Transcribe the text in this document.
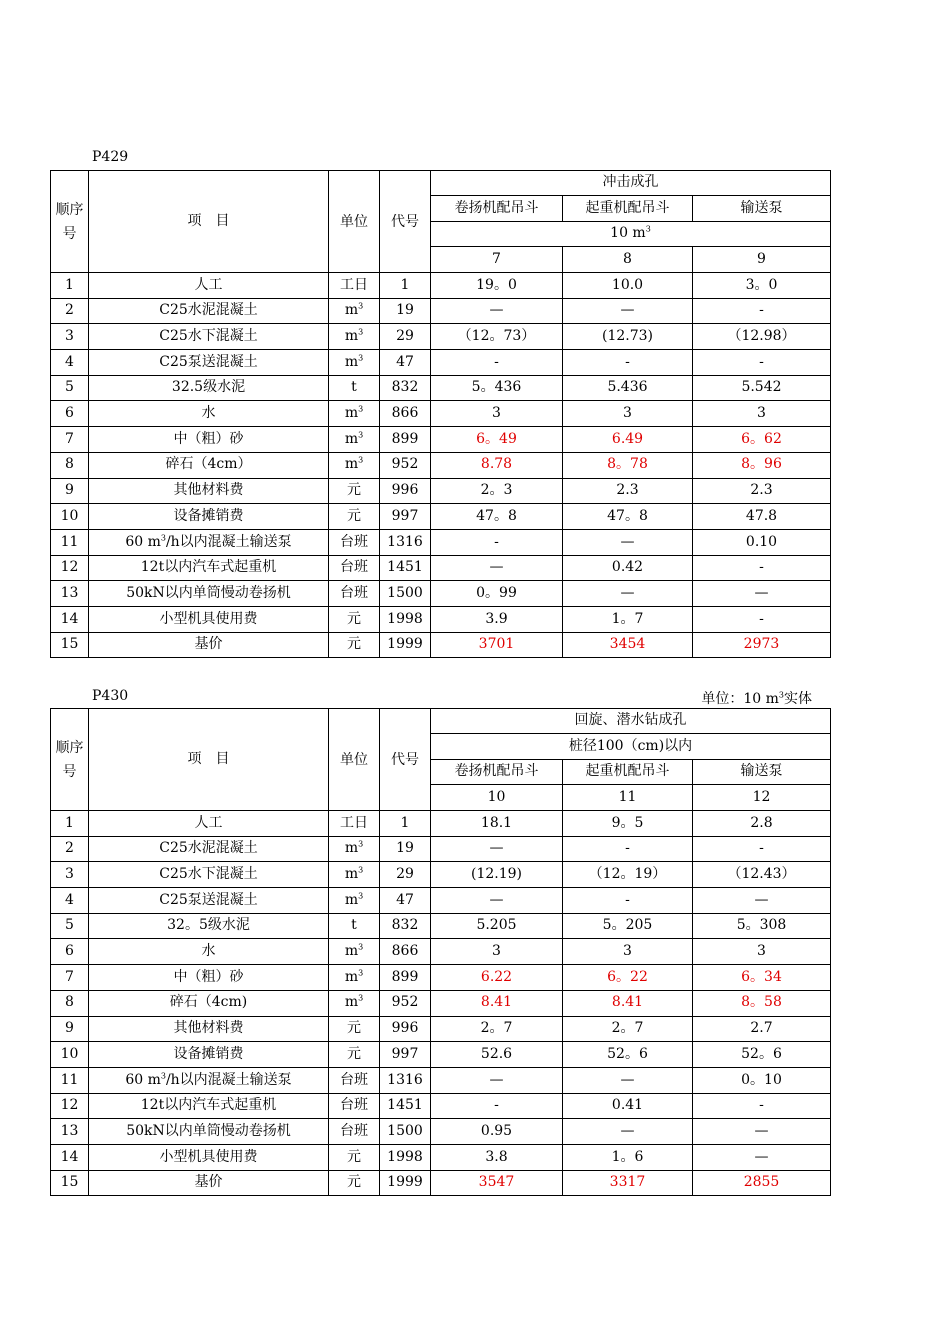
P429
顺序号	项　目	单位	代号	冲击成孔		
				卷扬机配吊斗	起重机配吊斗	输送泵
				10 $m^3$
				7	8	9
1	人工	工日	1	19。0	10.0	3。0
2	C25水泥混凝土	$m^3$	19	—	—	-
3	C25水下混凝土	$m^3$	29	（12。73）	(12.73)	（12.98）
4	C25泵送混凝土	$m^3$	47	-	-	-
5	32.5级水泥	t	832	5。436	5.436	5.542
6	水	$m^3$	866	3	3	3
7	中（粗）砂	$m^3$	899	6。49	6.49	6。62
8	碎石（4cm）	$m^3$	952	8.78	8。78	8。96
9	其他材料费	元	996	2。3	2.3	2.3
10	设备摊销费	元	997	47。8	47。8	47.8
11	60 $m^3/h$以内混凝土输送泵	台班	1316	-	—	0.10
12	12t以内汽车式起重机	台班	1451	—	0.42	-
13	50kN以内单筒慢动卷扬机	台班	1500	0。99	—	—
14	小型机具使用费	元	1998	3.9	1。7	-
15	基价	元	1999	3701	3454	2973
P430	单位：10 $m^3$实体
顺序号	项　目	单位	代号	回旋、潜水钻成孔		
				桩径100（cm)以内		
				卷扬机配吊斗	起重机配吊斗	输送泵
				10	11	12
1	人工	工日	1	18.1	9。5	2.8
2	C25水泥混凝土	$m^3$	19	—	-	-
3	C25水下混凝土	$m^3$	29	(12.19)	（12。19）	（12.43）
4	C25泵送混凝土	$m^3$	47	—	-	—
5	32。5级水泥	t	832	5.205	5。205	5。308
6	水	$m^3$	866	3	3	3
7	中（粗）砂	$m^3$	899	6.22	6。22	6。34
8	碎石（4cm)	$m^3$	952	8.41	8.41	8。58
9	其他材料费	元	996	2。7	2。7	2.7
10	设备摊销费	元	997	52.6	52。6	52。6
11	60 $m^3/h$以内混凝土输送泵	台班	1316	—	—	0。10
12	12t以内汽车式起重机	台班	1451	-	0.41	-
13	50kN以内单筒慢动卷扬机	台班	1500	0.95	—	—
14	小型机具使用费	元	1998	3.8	1。6	—
15	基价	元	1999	3547	3317	2855
